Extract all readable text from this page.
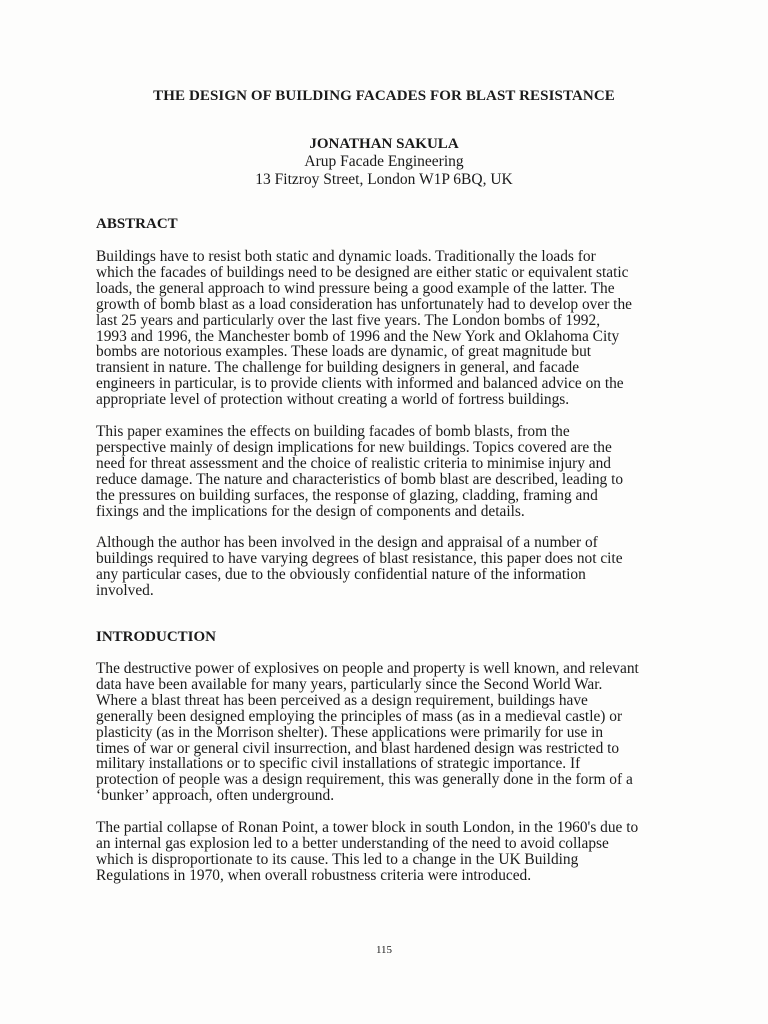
THE DESIGN OF BUILDING FACADES FOR BLAST RESISTANCE
JONATHAN SAKULA
Arup Facade Engineering
13 Fitzroy Street, London W1P 6BQ, UK
ABSTRACT
Buildings have to resist both static and dynamic loads. Traditionally the loads for
which the facades of buildings need to be designed are either static or equivalent static
loads, the general approach to wind pressure being a good example of the latter. The
growth of bomb blast as a load consideration has unfortunately had to develop over the
last 25 years and particularly over the last five years. The London bombs of 1992,
1993 and 1996, the Manchester bomb of 1996 and the New York and Oklahoma City
bombs are notorious examples. These loads are dynamic, of great magnitude but
transient in nature. The challenge for building designers in general, and facade
engineers in particular, is to provide clients with informed and balanced advice on the
appropriate level of protection without creating a world of fortress buildings.
This paper examines the effects on building facades of bomb blasts, from the
perspective mainly of design implications for new buildings. Topics covered are the
need for threat assessment and the choice of realistic criteria to minimise injury and
reduce damage. The nature and characteristics of bomb blast are described, leading to
the pressures on building surfaces, the response of glazing, cladding, framing and
fixings and the implications for the design of components and details.
Although the author has been involved in the design and appraisal of a number of
buildings required to have varying degrees of blast resistance, this paper does not cite
any particular cases, due to the obviously confidential nature of the information
involved.
INTRODUCTION
The destructive power of explosives on people and property is well known, and relevant
data have been available for many years, particularly since the Second World War.
Where a blast threat has been perceived as a design requirement, buildings have
generally been designed employing the principles of mass (as in a medieval castle) or
plasticity (as in the Morrison shelter). These applications were primarily for use in
times of war or general civil insurrection, and blast hardened design was restricted to
military installations or to specific civil installations of strategic importance. If
protection of people was a design requirement, this was generally done in the form of a
‘bunker’ approach, often underground.
The partial collapse of Ronan Point, a tower block in south London, in the 1960's due to
an internal gas explosion led to a better understanding of the need to avoid collapse
which is disproportionate to its cause. This led to a change in the UK Building
Regulations in 1970, when overall robustness criteria were introduced.
115
